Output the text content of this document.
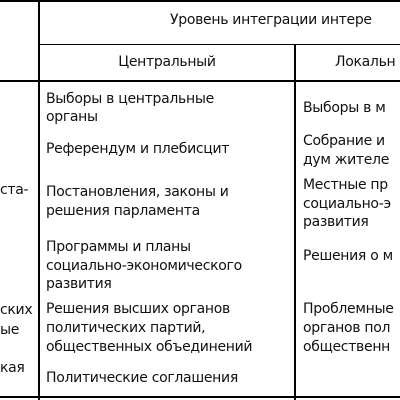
Уровень интеграции интере
Центральный	Локальн
ста-
ских
ые
кая
Выборы в центральные
органы
Референдум и плебисцит
Постановления, законы и
решения парламента
Программы и планы
социально-экономического
развития
Решения высших органов
политических партий,
общественных объединений
Политические соглашения
Выборы в м
Собрание и
дум жителе
Местные пр
социально-э
развития
Решения о м
Проблемные
органов пол
общественн
